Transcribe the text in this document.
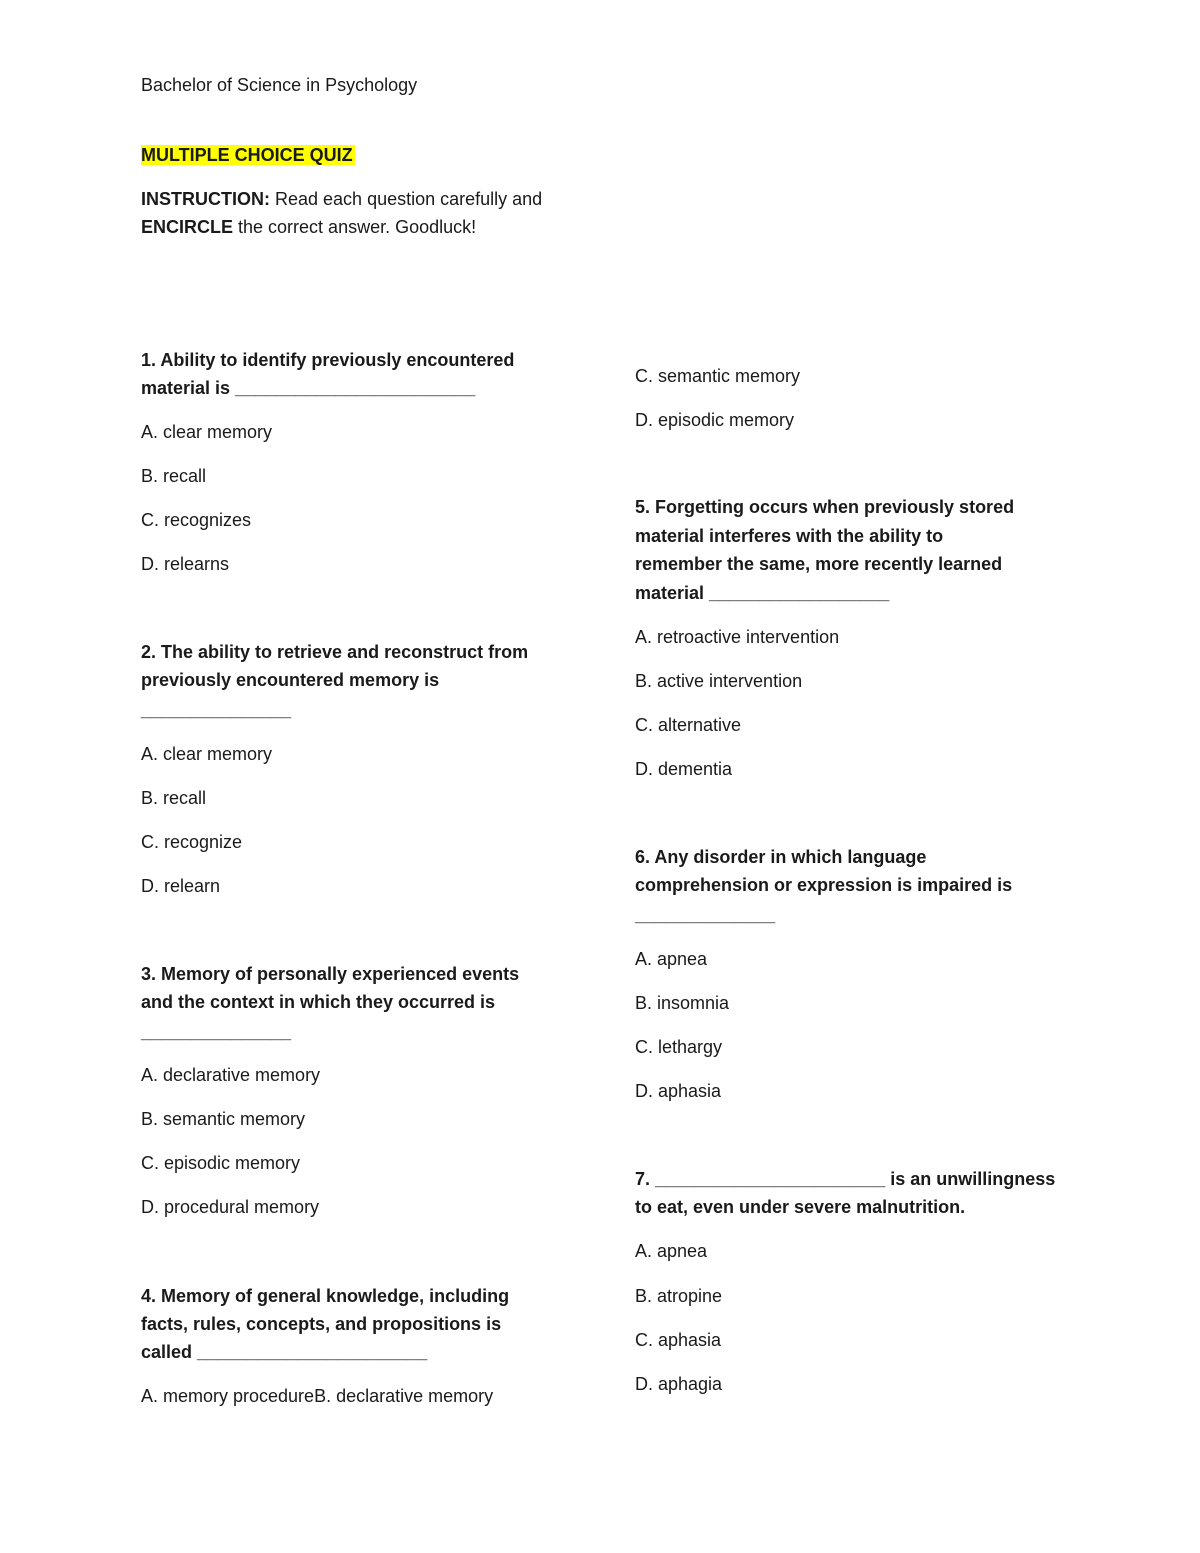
Bachelor of Science in Psychology
MULTIPLE CHOICE QUIZ
INSTRUCTION: Read each question carefully and
ENCIRCLE the correct answer. Goodluck!
1. Ability to identify previously encountered
material is ________________________
A. clear memory
B. recall
C. recognizes
D. relearns
2. The ability to retrieve and reconstruct from
previously encountered memory is
_______________
A. clear memory
B. recall
C. recognize
D. relearn
3. Memory of personally experienced events
and the context in which they occurred is
_______________
A. declarative memory
B. semantic memory
C. episodic memory
D. procedural memory
4. Memory of general knowledge, including
facts, rules, concepts, and propositions is
called _______________________
A. memory procedureB. declarative memory
C. semantic memory
D. episodic memory
5. Forgetting occurs when previously stored
material interferes with the ability to
remember the same, more recently learned
material __________________
A. retroactive intervention
B. active intervention
C. alternative
D. dementia
6. Any disorder in which language
comprehension or expression is impaired is
______________
A. apnea
B. insomnia
C. lethargy
D. aphasia
7. _______________________ is an unwillingness
to eat, even under severe malnutrition.
A. apnea
B. atropine
C. aphasia
D. aphagia
